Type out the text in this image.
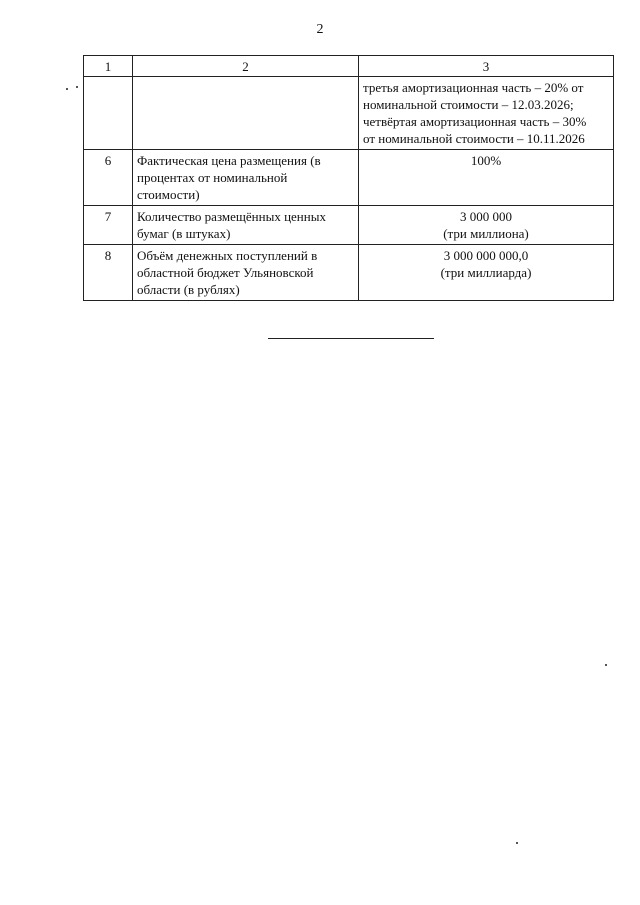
2
1	2	3

		третья амортизационная часть – 20% от
номинальной стоимости – 12.03.2026;
четвёртая амортизационная часть – 30%
от номинальной стоимости – 10.11.2026

6	Фактическая цена размещения (в
процентах от номинальной
стоимости)	100%

7	Количество размещённых ценных
бумаг (в штуках)	3 000 000
(три миллиона)

8	Объём денежных поступлений в
областной бюджет Ульяновской
области (в рублях)	3 000 000 000,0
(три миллиарда)
